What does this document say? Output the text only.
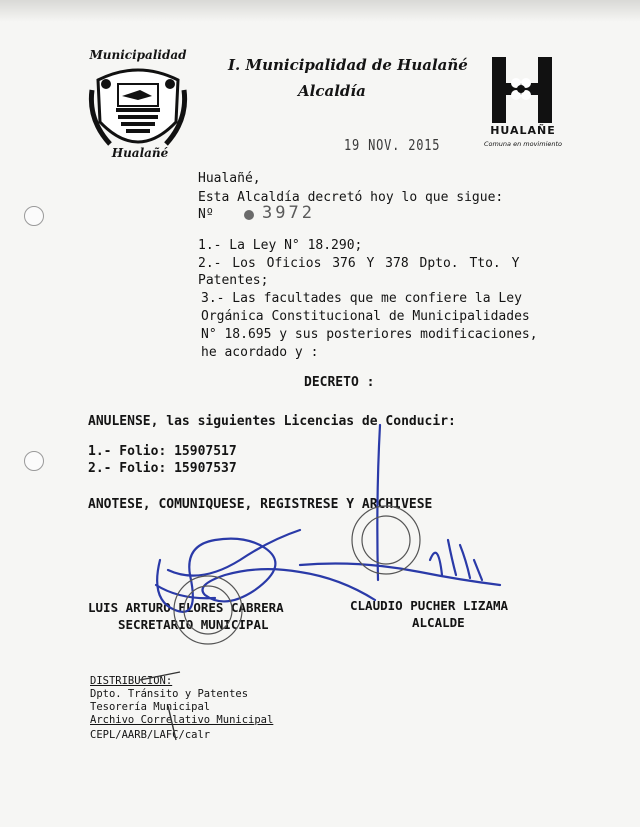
Municipalidad
Hualañé
I. Municipalidad de Hualañé
Alcaldía
HUALAÑE
Comuna en movimiento
19 NOV. 2015
Hualañé,
Esta Alcaldía decretó hoy lo que sigue:
Nº	3972
1.- La Ley N° 18.290;
2.- Los Oficios 376 Y 378 Dpto. Tto. Y
Patentes;
3.- Las facultades que me confiere la Ley
Orgánica Constitucional de Municipalidades
N° 18.695 y sus posteriores modificaciones,
he acordado y :
DECRETO :
ANULENSE, las siguientes Licencias de Conducir:
1.- Folio: 15907517
2.- Folio: 15907537
ANOTESE, COMUNIQUESE, REGISTRESE Y ARCHIVESE
LUIS ARTURO FLORES CABRERA
SECRETARIO MUNICIPAL
CLAUDIO PUCHER LIZAMA
ALCALDE
DISTRIBUCION:
Dpto. Tránsito y Patentes
Tesorería Municipal
Archivo Correlativo Municipal
CEPL/AARB/LAFC/calr
